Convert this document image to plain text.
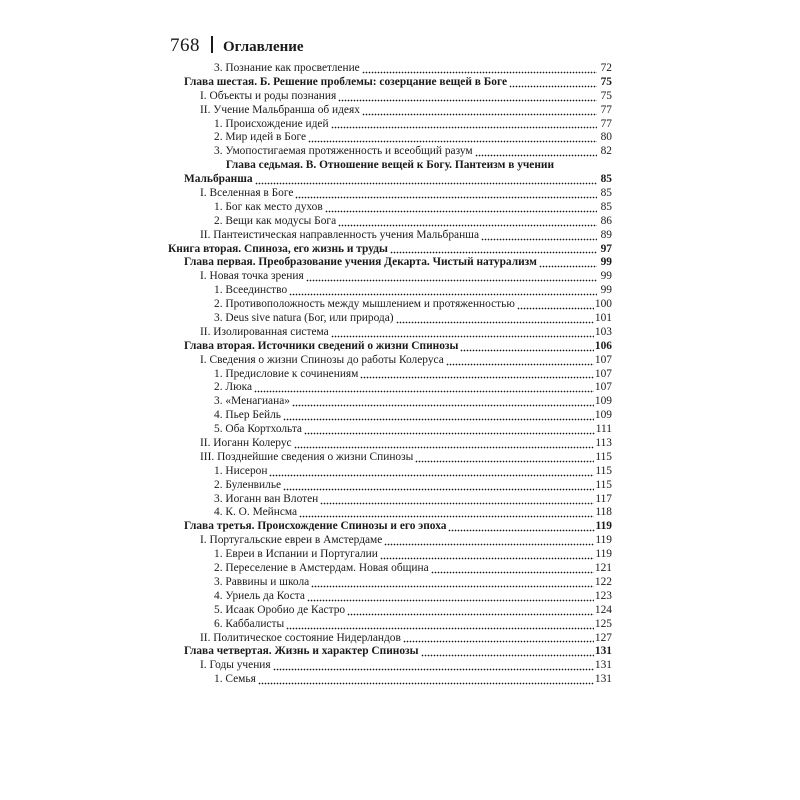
768 Оглавление
3. Познание как просветление	72
Глава шестая. Б. Решение проблемы: созерцание вещей в Боге	75
I. Объекты и роды познания	75
II. Учение Мальбранша об идеях	77
1. Происхождение идей	77
2. Мир идей в Боге	80
3. Умопостигаемая протяженность и всеобщий разум	82
Глава седьмая. В. Отношение вещей к Богу. Пантеизм в учении
Мальбранша	85
I. Вселенная в Боге	85
1. Бог как место духов	85
2. Вещи как модусы Бога	86
II. Пантеистическая направленность учения Мальбранша	89
Книга вторая. Спиноза, его жизнь и труды	97
Глава первая. Преобразование учения Декарта. Чистый натурализм	99
I. Новая точка зрения	99
1. Всеединство	99
2. Противоположность между мышлением и протяженностью	100
3. Deus sive natura (Бог, или природа)	101
II. Изолированная система	103
Глава вторая. Источники сведений о жизни Спинозы	106
I. Сведения о жизни Спинозы до работы Колеруса	107
1. Предисловие к сочинениям	107
2. Люка	107
3. «Менагиана»	109
4. Пьер Бейль	109
5. Оба Кортхольта	111
II. Иоганн Колерус	113
III. Позднейшие сведения о жизни Спинозы	115
1. Нисерон	115
2. Буленвилье	115
3. Иоганн ван Влотен	117
4. К. О. Мейнсма	118
Глава третья. Происхождение Спинозы и его эпоха	119
I. Португальские евреи в Амстердаме	119
1. Евреи в Испании и Португалии	119
2. Переселение в Амстердам. Новая община	121
3. Раввины и школа	122
4. Уриель да Коста	123
5. Исаак Оробио де Кастро	124
6. Каббалисты	125
II. Политическое состояние Нидерландов	127
Глава четвертая. Жизнь и характер Спинозы	131
I. Годы учения	131
1. Семья	131
